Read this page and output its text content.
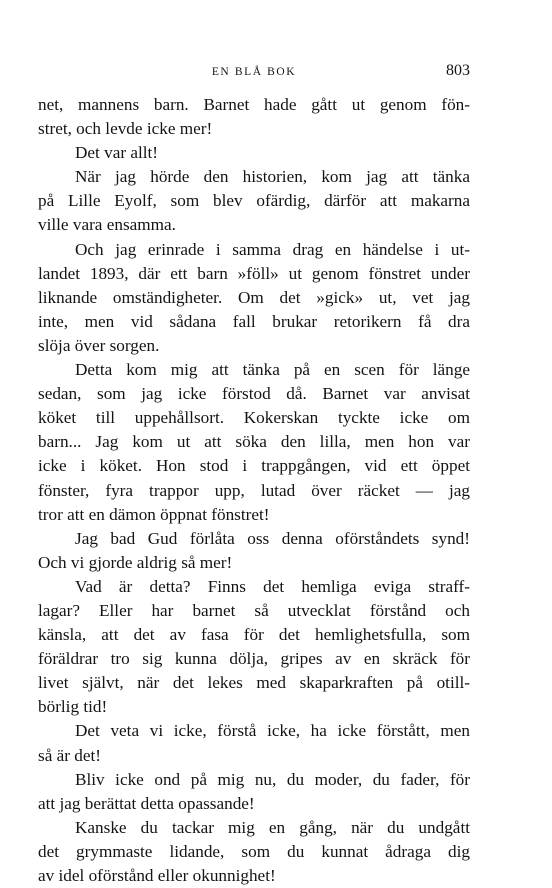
EN BLÅ BOK	803
net, mannens barn. Barnet hade gått ut genom fön-
stret, och levde icke mer!
Det var allt!
När jag hörde den historien, kom jag att tänka
på Lille Eyolf, som blev ofärdig, därför att makarna
ville vara ensamma.
Och jag erinrade i samma drag en händelse i ut-
landet 1893, där ett barn »föll» ut genom fönstret under
liknande omständigheter. Om det »gick» ut, vet jag
inte, men vid sådana fall brukar retorikern få dra
slöja över sorgen.
Detta kom mig att tänka på en scen för länge
sedan, som jag icke förstod då. Barnet var anvisat
köket till uppehållsort. Kokerskan tyckte icke om
barn... Jag kom ut att söka den lilla, men hon var
icke i köket. Hon stod i trappgången, vid ett öppet
fönster, fyra trappor upp, lutad över räcket — jag
tror att en dämon öppnat fönstret!
Jag bad Gud förlåta oss denna oförståndets synd!
Och vi gjorde aldrig så mer!
Vad är detta? Finns det hemliga eviga straff-
lagar? Eller har barnet så utvecklat förstånd och
känsla, att det av fasa för det hemlighetsfulla, som
föräldrar tro sig kunna dölja, gripes av en skräck för
livet självt, när det lekes med skaparkraften på otill-
börlig tid!
Det veta vi icke, förstå icke, ha icke förstått, men
så är det!
Bliv icke ond på mig nu, du moder, du fader, för
att jag berättat detta opassande!
Kanske du tackar mig en gång, när du undgått
det grymmaste lidande, som du kunnat ådraga dig
av idel oförstånd eller okunnighet!
